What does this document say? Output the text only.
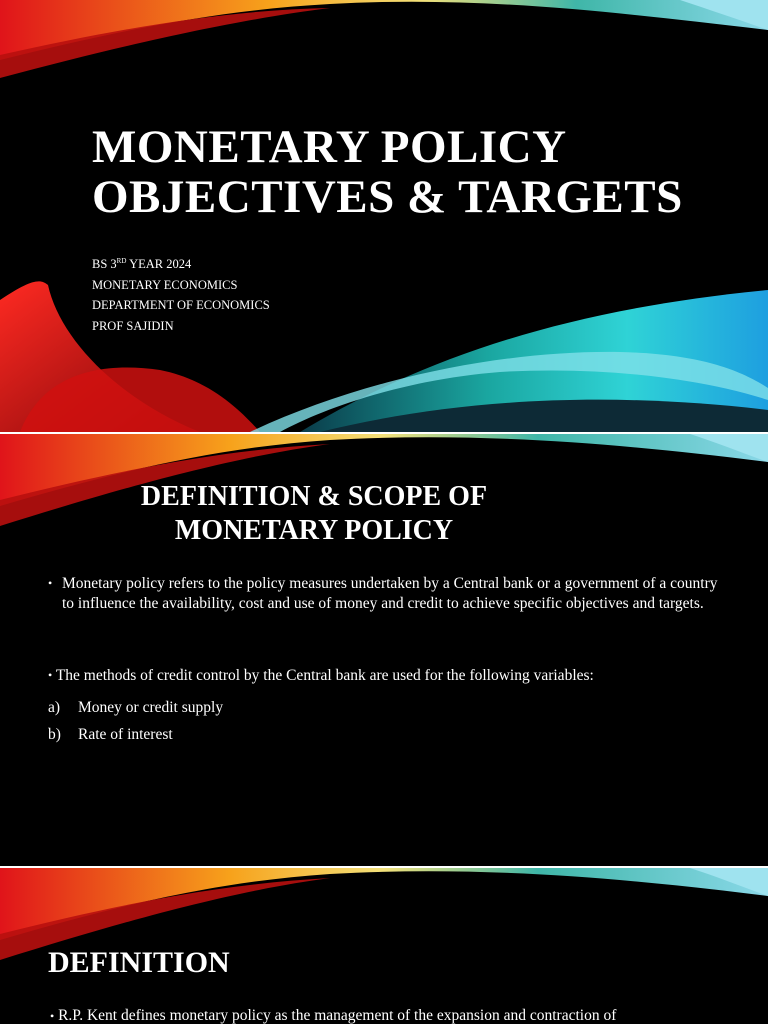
MONETARY POLICY
OBJECTIVES & TARGETS
BS 3RD YEAR 2024
MONETARY ECONOMICS
DEPARTMENT OF ECONOMICS
PROF SAJIDIN
DEFINITION & SCOPE OF
MONETARY POLICY
• Monetary policy refers to the policy measures undertaken by a Central bank or a government of a country to influence the availability, cost and use of money and credit to achieve specific objectives and targets.
• The methods of credit control by the Central bank are used for the following variables:
a) Money or credit supply
b) Rate of interest
DEFINITION
• R.P. Kent defines monetary policy as the management of the expansion and contraction of
